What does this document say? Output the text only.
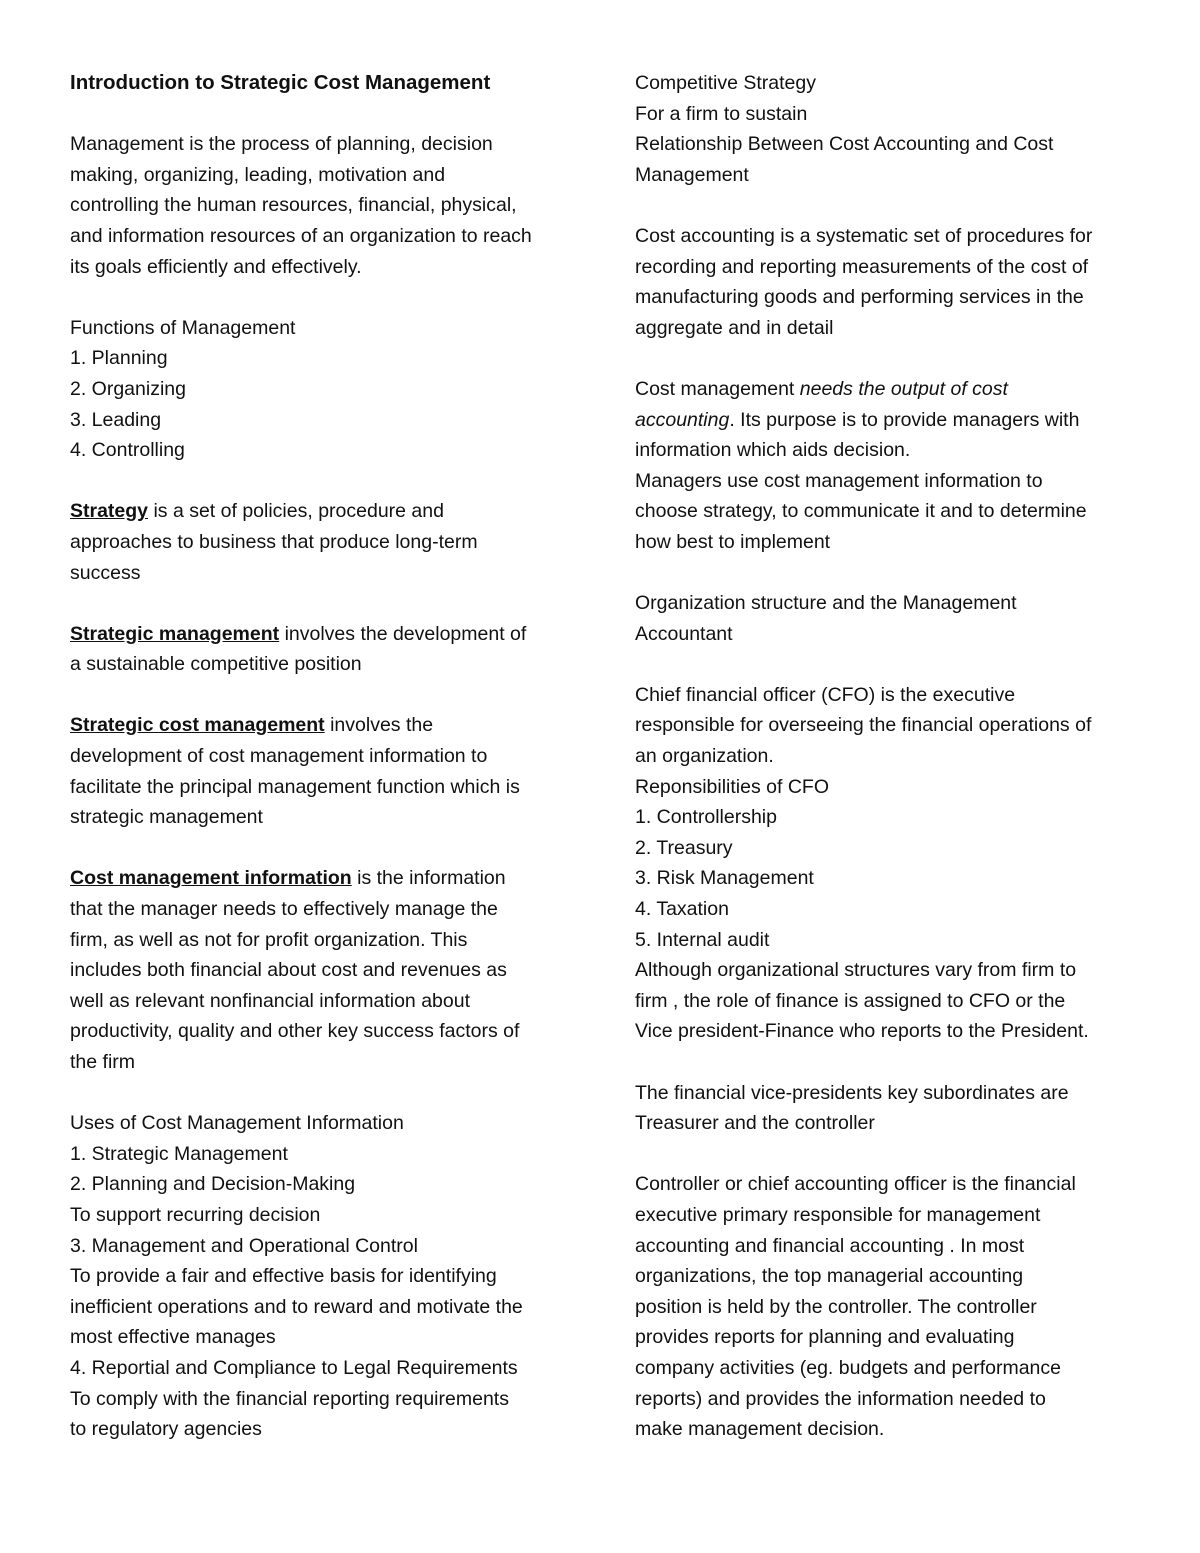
Introduction to Strategic Cost Management
Management is the process of planning, decision
making, organizing, leading, motivation and
controlling the human resources, financial, physical,
and information resources of an organization to reach
its goals efficiently and effectively.
Functions of Management
1. Planning
2. Organizing
3. Leading
4. Controlling
Strategy is a set of policies, procedure and
approaches to business that produce long-term
success
Strategic management involves the development of
a sustainable competitive position
Strategic cost management involves the
development of cost management information to
facilitate the principal management function which is
strategic management
Cost management information is the information
that the manager needs to effectively manage the
firm, as well as not for profit organization. This
includes both financial about cost and revenues as
well as relevant nonfinancial information about
productivity, quality and other key success factors of
the firm
Uses of Cost Management Information
1. Strategic Management
2. Planning and Decision-Making
To support recurring decision
3. Management and Operational Control
To provide a fair and effective basis for identifying
inefficient operations and to reward and motivate the
most effective manages
4. Reportial and Compliance to Legal Requirements
To comply with the financial reporting requirements
to regulatory agencies
Competitive Strategy
For a firm to sustain
Relationship Between Cost Accounting and Cost
Management
Cost accounting is a systematic set of procedures for
recording and reporting measurements of the cost of
manufacturing goods and performing services in the
aggregate and in detail
Cost management needs the output of cost
accounting. Its purpose is to provide managers with
information which aids decision.
Managers use cost management information to
choose strategy, to communicate it and to determine
how best to implement
Organization structure and the Management
Accountant
Chief financial officer (CFO) is the executive
responsible for overseeing the financial operations of
an organization.
Reponsibilities of CFO
1. Controllership
2. Treasury
3. Risk Management
4. Taxation
5. Internal audit
Although organizational structures vary from firm to
firm , the role of finance is assigned to CFO or the
Vice president-Finance who reports to the President.
The financial vice-presidents key subordinates are
Treasurer and the controller
Controller or chief accounting officer is the financial
executive primary responsible for management
accounting and financial accounting . In most
organizations, the top managerial accounting
position is held by the controller. The controller
provides reports for planning and evaluating
company activities (eg. budgets and performance
reports) and provides the information needed to
make management decision.
